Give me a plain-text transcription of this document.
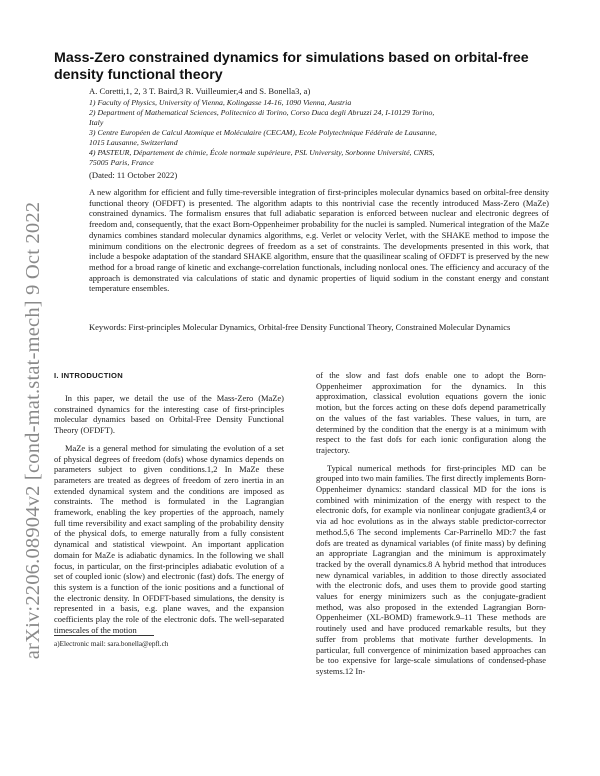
arXiv:2206.08904v2 [cond-mat.stat-mech] 9 Oct 2022
Mass-Zero constrained dynamics for simulations based on orbital-free density functional theory
A. Coretti,1, 2, 3 T. Baird,3 R. Vuilleumier,4 and S. Bonella3, a)
1) Faculty of Physics, University of Vienna, Kolingasse 14-16, 1090 Vienna, Austria
2) Department of Mathematical Sciences, Politecnico di Torino, Corso Duca degli Abruzzi 24, I-10129 Torino,
Italy
3) Centre Européen de Calcul Atomique et Moléculaire (CECAM), Ecole Polytechnique Fédérale de Lausanne,
1015 Lausanne, Switzerland
4) PASTEUR, Département de chimie, École normale supérieure, PSL University, Sorbonne Université, CNRS,
75005 Paris, France
(Dated: 11 October 2022)

A new algorithm for efficient and fully time-reversible integration of first-principles molecular dynamics based on orbital-free density functional theory (OFDFT) is presented. The algorithm adapts to this nontrivial case the recently introduced Mass-Zero (MaZe) constrained dynamics. The formalism ensures that full adiabatic separation is enforced between nuclear and electronic degrees of freedom and, consequently, that the exact Born-Oppenheimer probability for the nuclei is sampled. Numerical integration of the MaZe dynamics combines standard molecular dynamics algorithms, e.g. Verlet or velocity Verlet, with the SHAKE method to impose the minimum conditions on the electronic degrees of freedom as a set of constraints. The developments presented in this work, that include a bespoke adaptation of the standard SHAKE algorithm, ensure that the quasilinear scaling of OFDFT is preserved by the new method for a broad range of kinetic and exchange-correlation functionals, including nonlocal ones. The efficiency and accuracy of the approach is demonstrated via calculations of static and dynamic properties of liquid sodium in the constant energy and constant temperature ensembles.

Keywords: First-principles Molecular Dynamics, Orbital-free Density Functional Theory, Constrained Molecular Dynamics

I. INTRODUCTION

In this paper, we detail the use of the Mass-Zero (MaZe) constrained dynamics for the interesting case of first-principles molecular dynamics based on Orbital-Free Density Functional Theory (OFDFT).

MaZe is a general method for simulating the evolution of a set of physical degrees of freedom (dofs) whose dynamics depends on parameters subject to given conditions.1,2 In MaZe these parameters are treated as degrees of freedom of zero inertia in an extended dynamical system and the conditions are imposed as constraints. The method is formulated in the Lagrangian framework, enabling the key properties of the approach, namely full time reversibility and exact sampling of the probability density of the physical dofs, to emerge naturally from a fully consistent dynamical and statistical viewpoint. An important application domain for MaZe is adiabatic dynamics. In the following we shall focus, in particular, on the first-principles adiabatic evolution of a set of coupled ionic (slow) and electronic (fast) dofs. The energy of this system is a function of the ionic positions and a functional of the electronic density. In OFDFT-based simulations, the density is represented in a basis, e.g. plane waves, and the expansion coefficients play the role of the electronic dofs. The well-separated timescales of the motion

of the slow and fast dofs enable one to adopt the Born-Oppenheimer approximation for the dynamics. In this approximation, classical evolution equations govern the ionic motion, but the forces acting on these dofs depend parametrically on the values of the fast variables. These values, in turn, are determined by the condition that the energy is at a minimum with respect to the fast dofs for each ionic configuration along the trajectory.

Typical numerical methods for first-principles MD can be grouped into two main families. The first directly implements Born-Oppenheimer dynamics: standard classical MD for the ions is combined with minimization of the energy with respect to the electronic dofs, for example via nonlinear conjugate gradient3,4 or via ad hoc evolutions as in the always stable predictor-corrector method.5,6 The second implements Car-Parrinello MD:7 the fast dofs are treated as dynamical variables (of finite mass) by defining an appropriate Lagrangian and the minimum is approximately tracked by the overall dynamics.8 A hybrid method that introduces new dynamical variables, in addition to those directly associated with the electronic dofs, and uses them to provide good starting values for energy minimizers such as the conjugate-gradient method, was also proposed in the extended Lagrangian Born-Oppenheimer (XL-BOMD) framework.9–11 These methods are routinely used and have produced remarkable results, but they suffer from problems that motivate further developments. In particular, full convergence of minimization based approaches can be too expensive for large-scale simulations of condensed-phase systems.12 In-

a)Electronic mail: sara.bonella@epfl.ch
